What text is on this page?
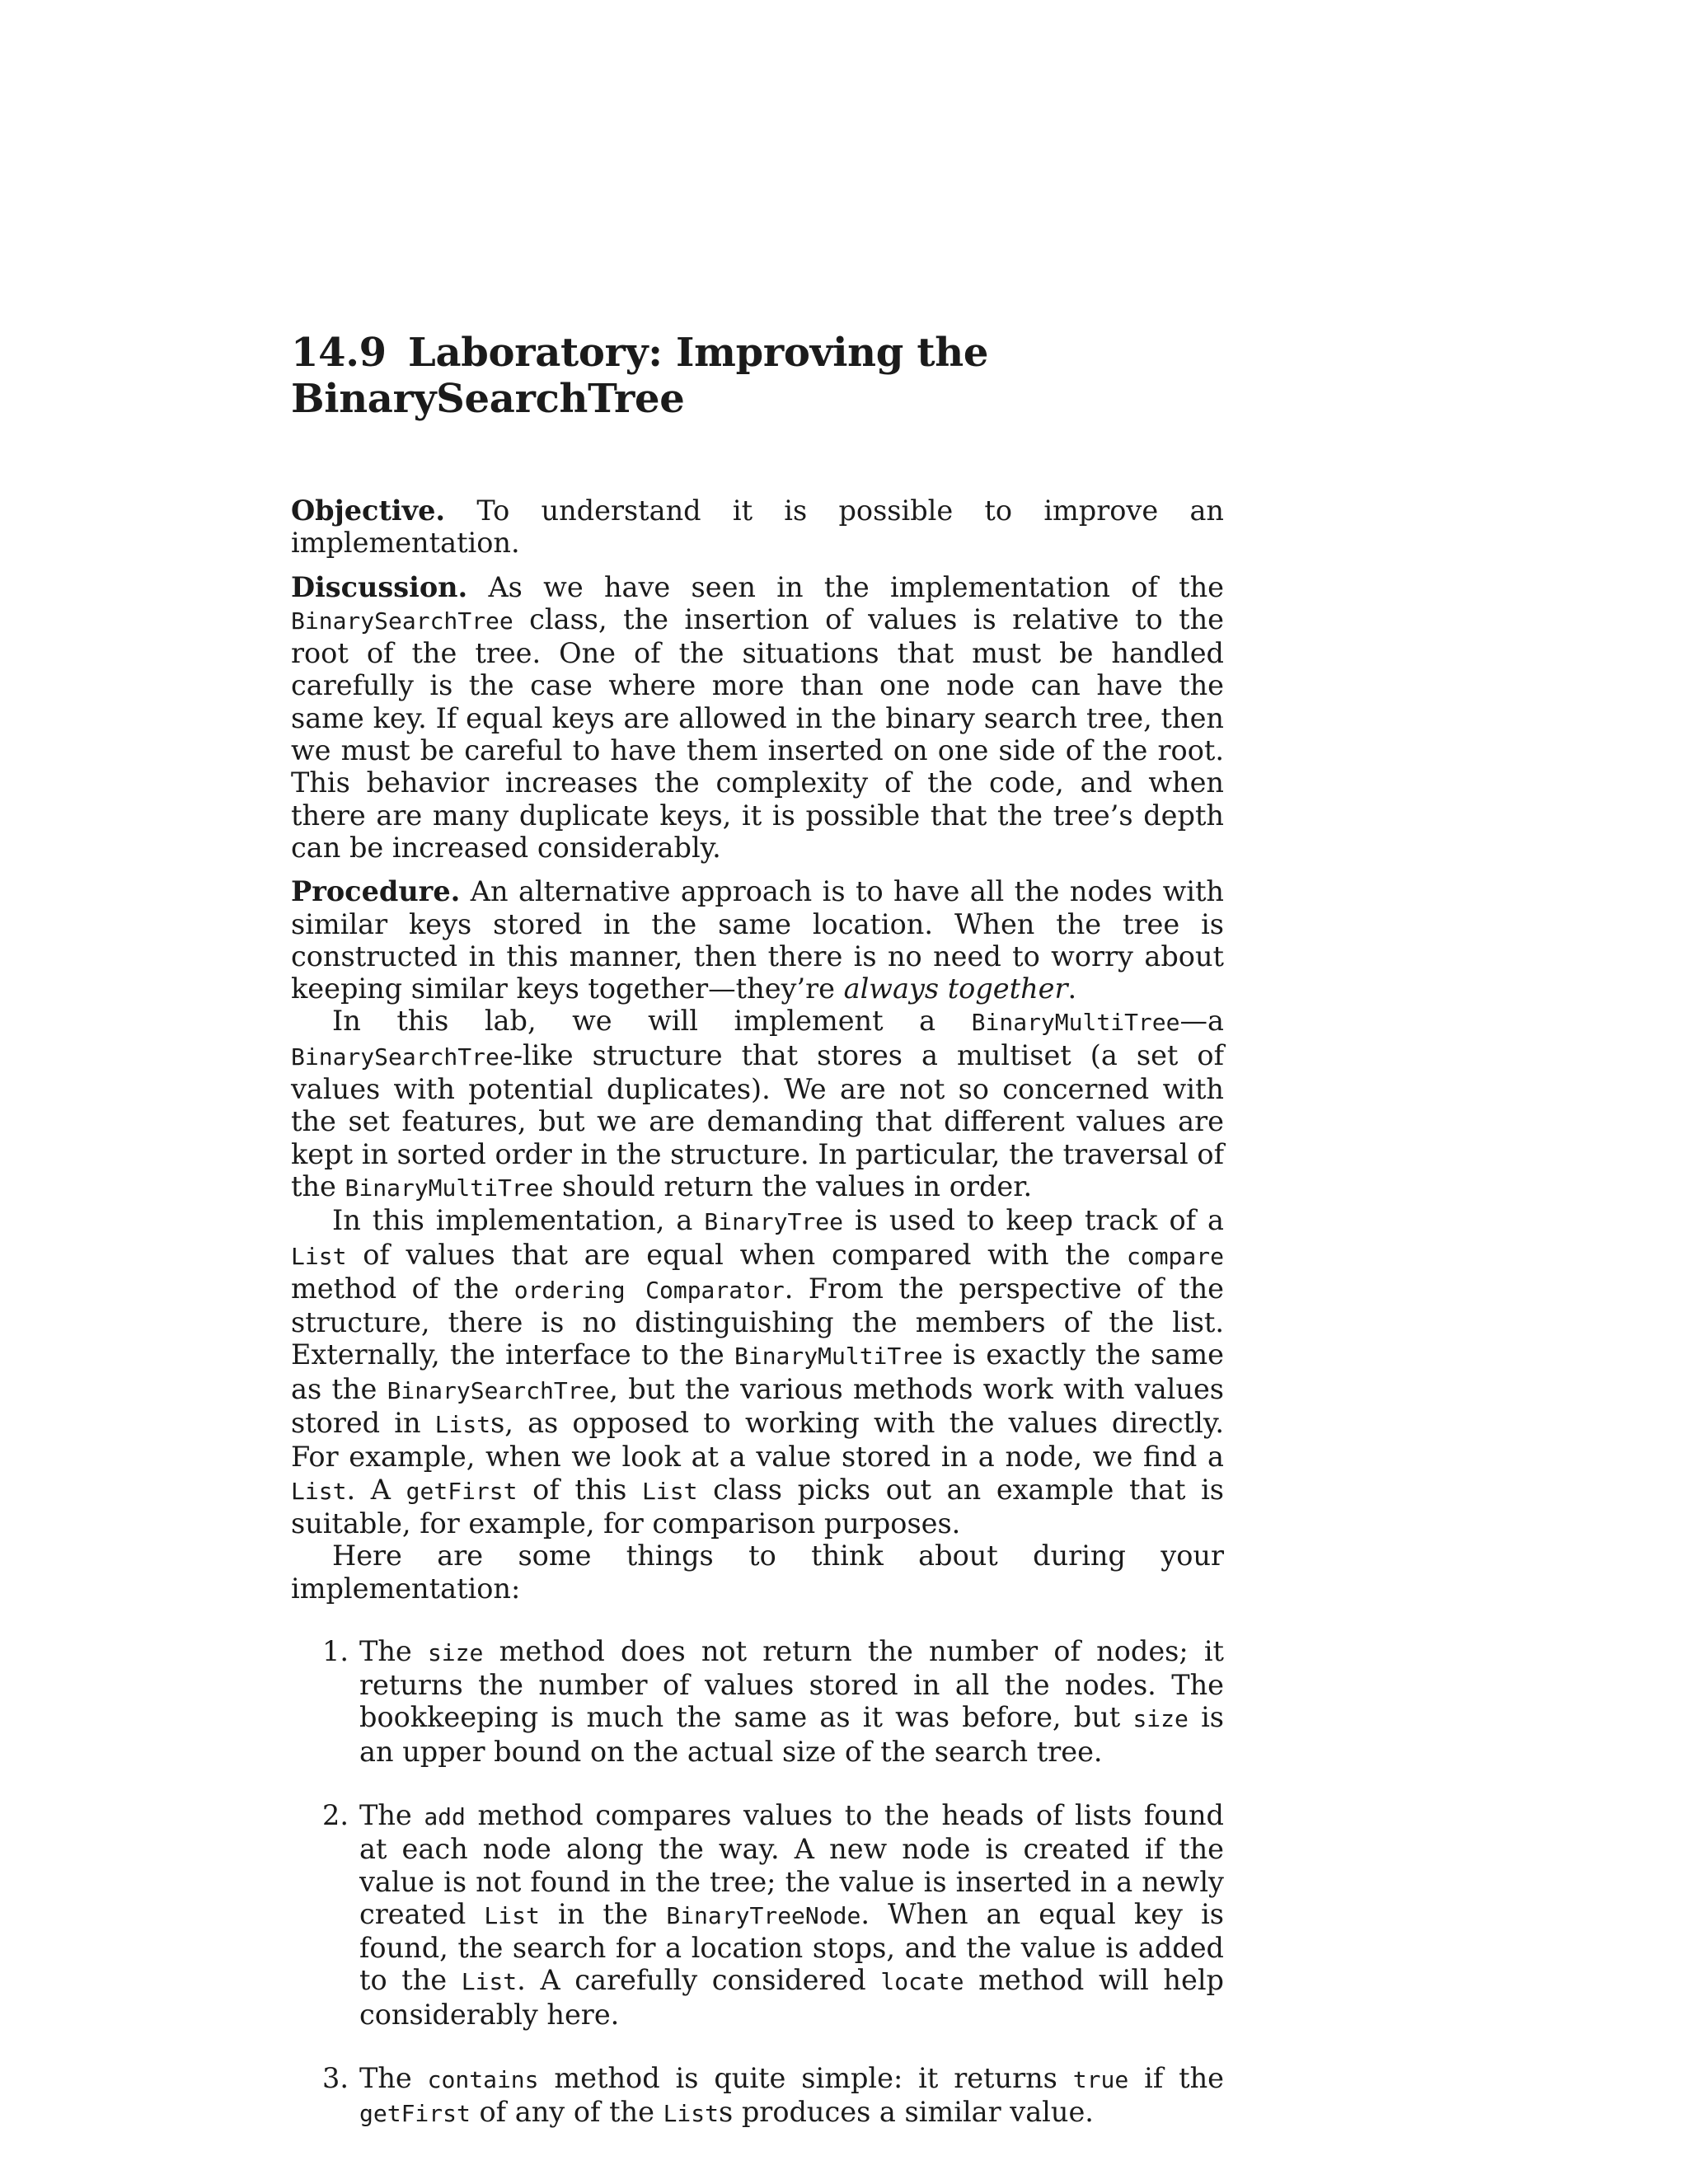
14.9 Laboratory: Improving the BinarySearchTree

Objective. To understand it is possible to improve an implementation.

Discussion. As we have seen in the implementation of the BinarySearchTree class, the insertion of values is relative to the root of the tree. One of the situations that must be handled carefully is the case where more than one node can have the same key. If equal keys are allowed in the binary search tree, then we must be careful to have them inserted on one side of the root. This behavior increases the complexity of the code, and when there are many duplicate keys, it is possible that the tree’s depth can be increased considerably.

Procedure. An alternative approach is to have all the nodes with similar keys stored in the same location. When the tree is constructed in this manner, then there is no need to worry about keeping similar keys together—they’re always together.

In this lab, we will implement a BinaryMultiTree—a BinarySearchTree-like structure that stores a multiset (a set of values with potential duplicates). We are not so concerned with the set features, but we are demanding that different values are kept in sorted order in the structure. In particular, the traversal of the BinaryMultiTree should return the values in order.

In this implementation, a BinaryTree is used to keep track of a List of values that are equal when compared with the compare method of the ordering Comparator. From the perspective of the structure, there is no distinguishing the members of the list. Externally, the interface to the BinaryMultiTree is exactly the same as the BinarySearchTree, but the various methods work with values stored in Lists, as opposed to working with the values directly. For example, when we look at a value stored in a node, we find a List. A getFirst of this List class picks out an example that is suitable, for example, for comparison purposes.

Here are some things to think about during your implementation:

1. The size method does not return the number of nodes; it returns the number of values stored in all the nodes. The bookkeeping is much the same as it was before, but size is an upper bound on the actual size of the search tree.
2. The add method compares values to the heads of lists found at each node along the way. A new node is created if the value is not found in the tree; the value is inserted in a newly created List in the BinaryTreeNode. When an equal key is found, the search for a location stops, and the value is added to the List. A carefully considered locate method will help considerably here.
3. The contains method is quite simple: it returns true if the getFirst of any of the Lists produces a similar value.
